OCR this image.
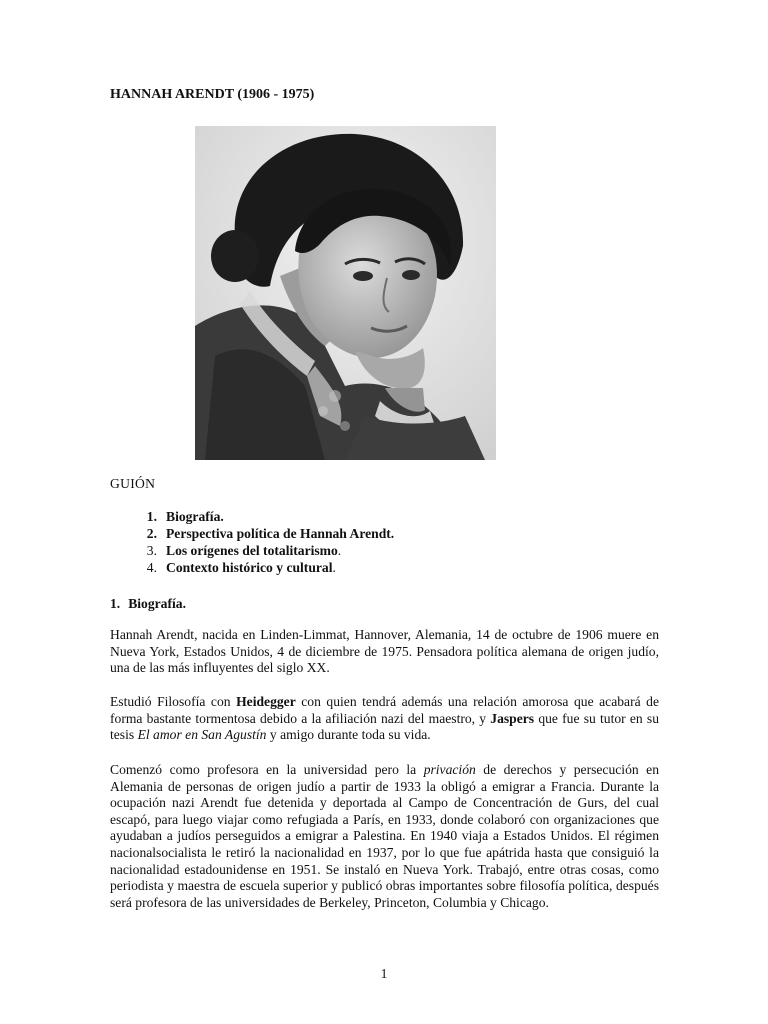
HANNAH ARENDT (1906 - 1975)

GUIÓN

1. Biografía.
2. Perspectiva política de Hannah Arendt.
3. Los orígenes del totalitarismo.
4. Contexto histórico y cultural.
1. Biografía.

Hannah Arendt, nacida en Linden-Limmat, Hannover, Alemania, 14 de octubre de 1906 muere en Nueva York, Estados Unidos, 4 de diciembre de 1975. Pensadora política alemana de origen judío, una de las más influyentes del siglo XX.

Estudió Filosofía con Heidegger con quien tendrá además una relación amorosa que acabará de forma bastante tormentosa debido a la afiliación nazi del maestro, y Jaspers que fue su tutor en su tesis El amor en San Agustín y amigo durante toda su vida.

Comenzó como profesora en la universidad pero la privación de derechos y persecución en Alemania de personas de origen judío a partir de 1933 la obligó a emigrar a Francia. Durante la ocupación nazi Arendt fue detenida y deportada al Campo de Concentración de Gurs, del cual escapó, para luego viajar como refugiada a París, en 1933, donde colaboró con organizaciones que ayudaban a judíos perseguidos a emigrar a Palestina. En 1940 viaja a Estados Unidos. El régimen nacionalsocialista le retiró la nacionalidad en 1937, por lo que fue apátrida hasta que consiguió la nacionalidad estadounidense en 1951. Se instaló en Nueva York. Trabajó, entre otras cosas, como periodista y maestra de escuela superior y publicó obras importantes sobre filosofía política, después será profesora de las universidades de Berkeley, Princeton, Columbia y Chicago.

1
